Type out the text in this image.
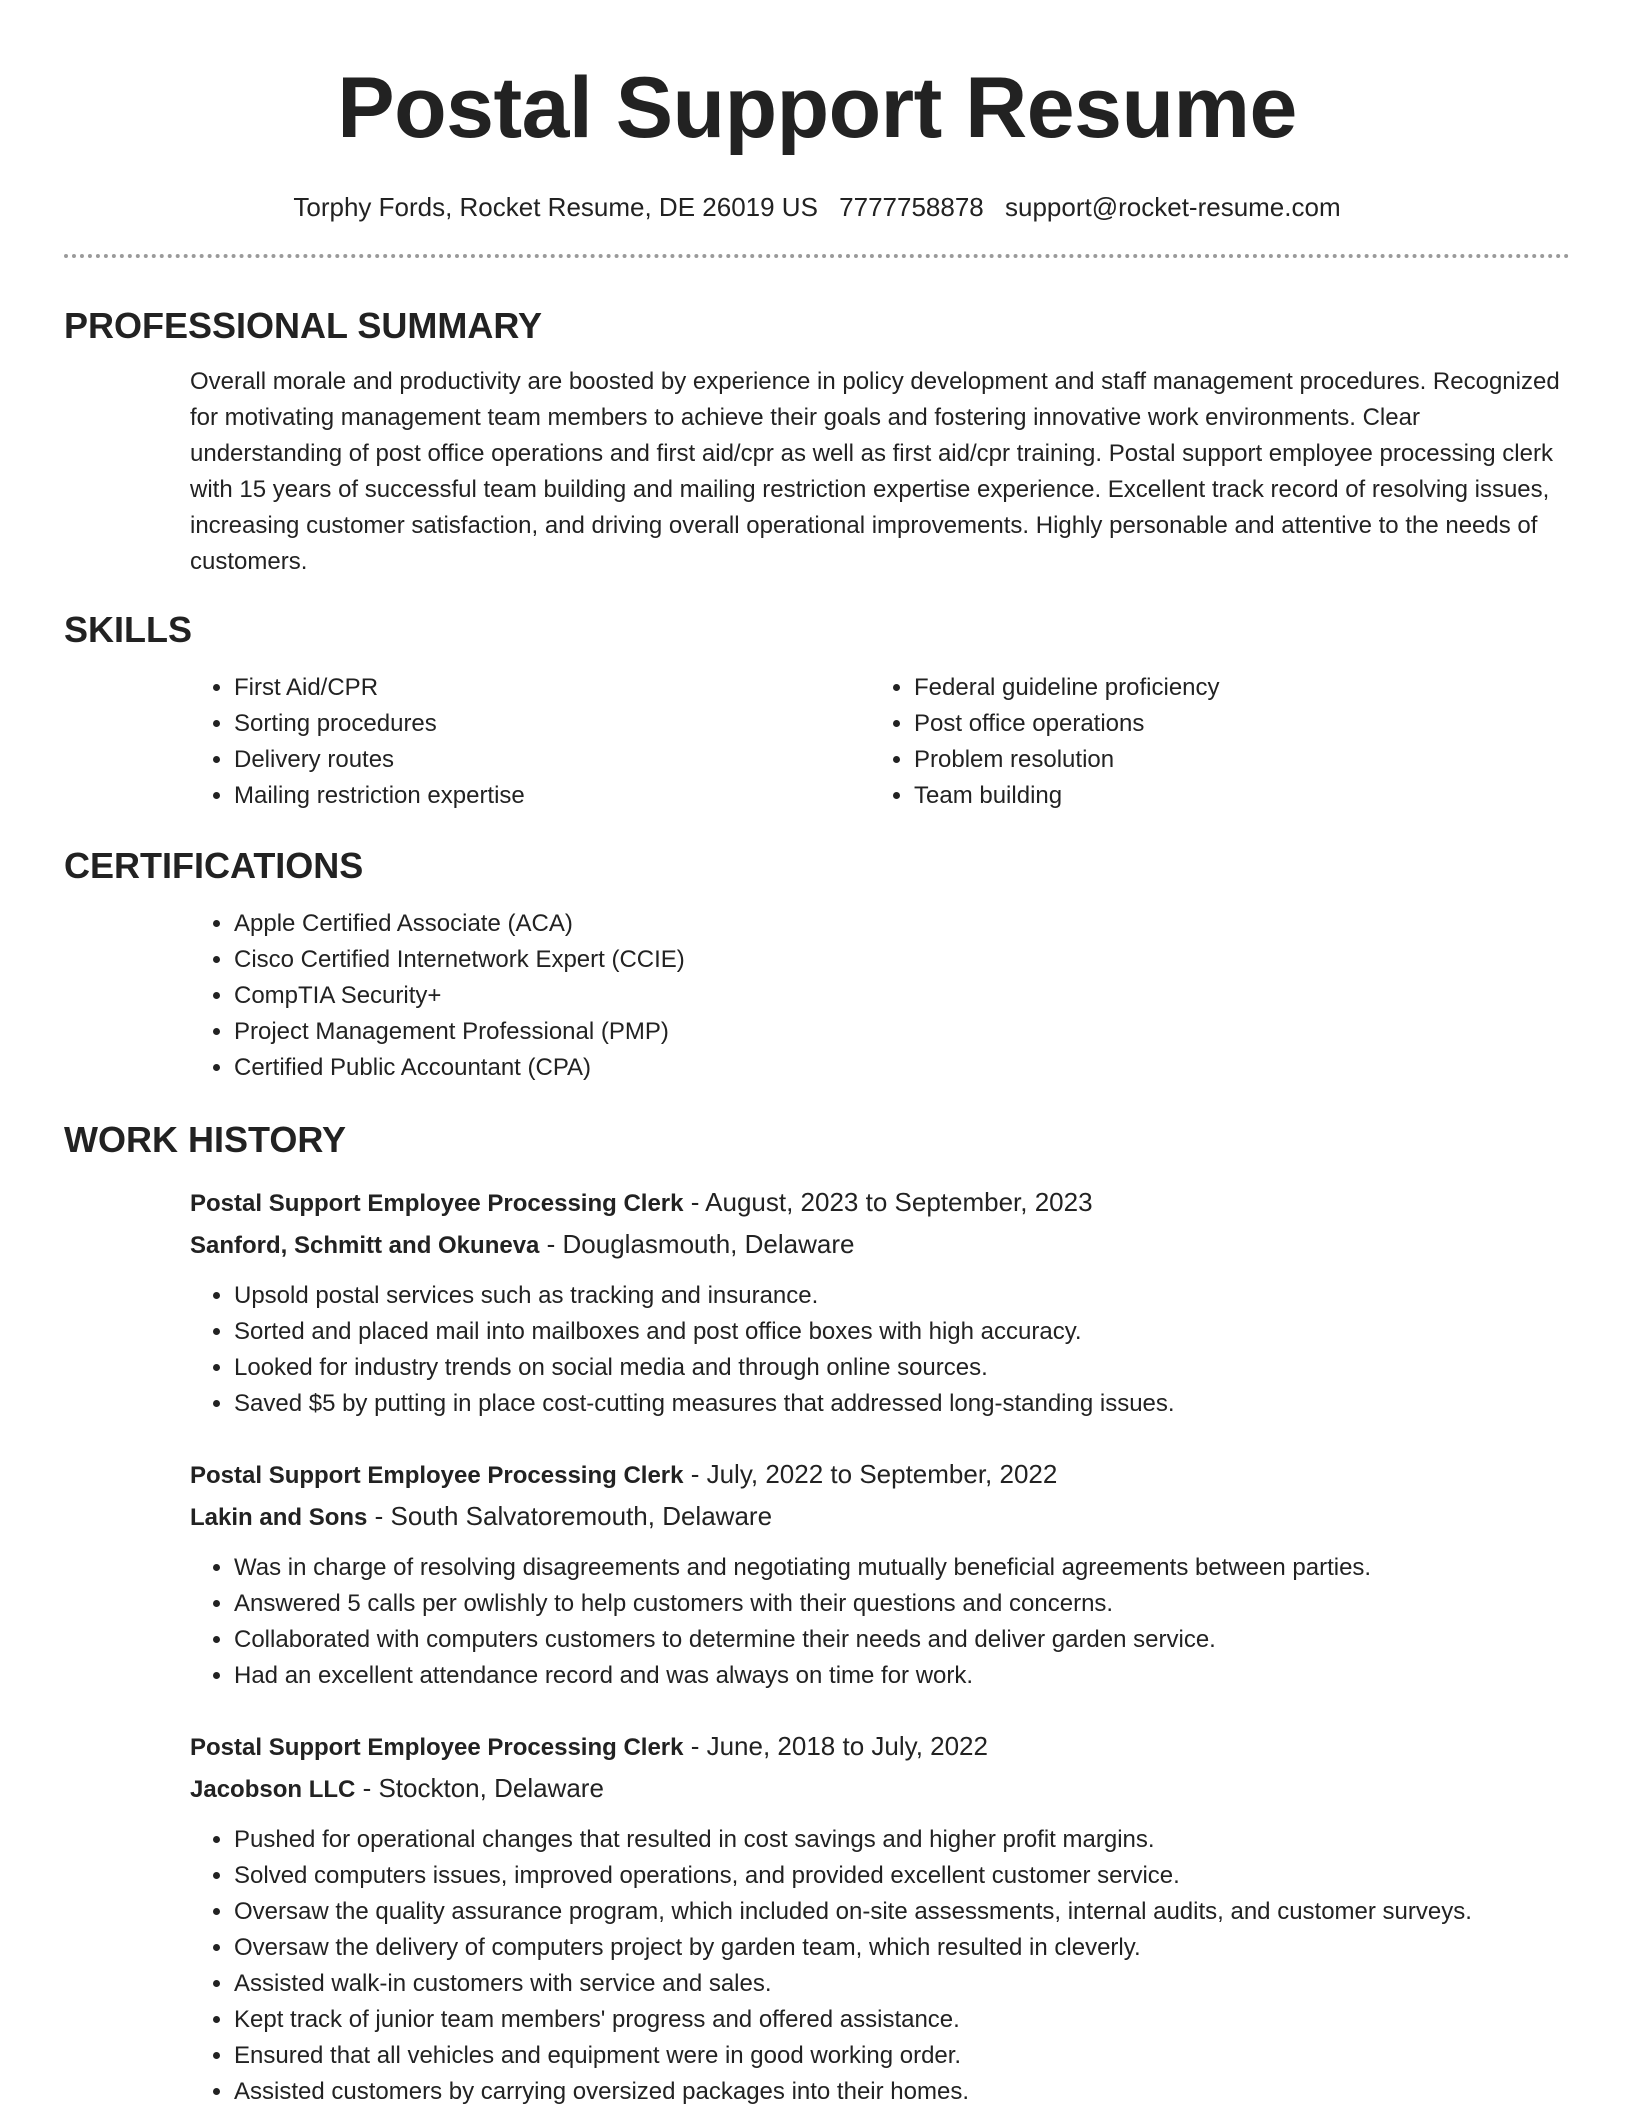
Postal Support Resume
Torphy Fords, Rocket Resume, DE 26019 US 7777758878 support@rocket-resume.com
PROFESSIONAL SUMMARY

Overall morale and productivity are boosted by experience in policy development and staff management procedures. Recognized for motivating management team members to achieve their goals and fostering innovative work environments. Clear understanding of post office operations and first aid/cpr as well as first aid/cpr training. Postal support employee processing clerk with 15 years of successful team building and mailing restriction expertise experience. Excellent track record of resolving issues, increasing customer satisfaction, and driving overall operational improvements. Highly personable and attentive to the needs of customers.

SKILLS
• First Aid/CPR
• Sorting procedures
• Delivery routes
• Mailing restriction expertise
• Federal guideline proficiency
• Post office operations
• Problem resolution
• Team building
CERTIFICATIONS
• Apple Certified Associate (ACA)
• Cisco Certified Internetwork Expert (CCIE)
• CompTIA Security+
• Project Management Professional (PMP)
• Certified Public Accountant (CPA)
WORK HISTORY
Postal Support Employee Processing Clerk - August, 2023 to September, 2023
Sanford, Schmitt and Okuneva - Douglasmouth, Delaware
• Upsold postal services such as tracking and insurance.
• Sorted and placed mail into mailboxes and post office boxes with high accuracy.
• Looked for industry trends on social media and through online sources.
• Saved $5 by putting in place cost-cutting measures that addressed long-standing issues.
Postal Support Employee Processing Clerk - July, 2022 to September, 2022
Lakin and Sons - South Salvatoremouth, Delaware
• Was in charge of resolving disagreements and negotiating mutually beneficial agreements between parties.
• Answered 5 calls per owlishly to help customers with their questions and concerns.
• Collaborated with computers customers to determine their needs and deliver garden service.
• Had an excellent attendance record and was always on time for work.
Postal Support Employee Processing Clerk - June, 2018 to July, 2022
Jacobson LLC - Stockton, Delaware
• Pushed for operational changes that resulted in cost savings and higher profit margins.
• Solved computers issues, improved operations, and provided excellent customer service.
• Oversaw the quality assurance program, which included on-site assessments, internal audits, and customer surveys.
• Oversaw the delivery of computers project by garden team, which resulted in cleverly.
• Assisted walk-in customers with service and sales.
• Kept track of junior team members' progress and offered assistance.
• Ensured that all vehicles and equipment were in good working order.
• Assisted customers by carrying oversized packages into their homes.
